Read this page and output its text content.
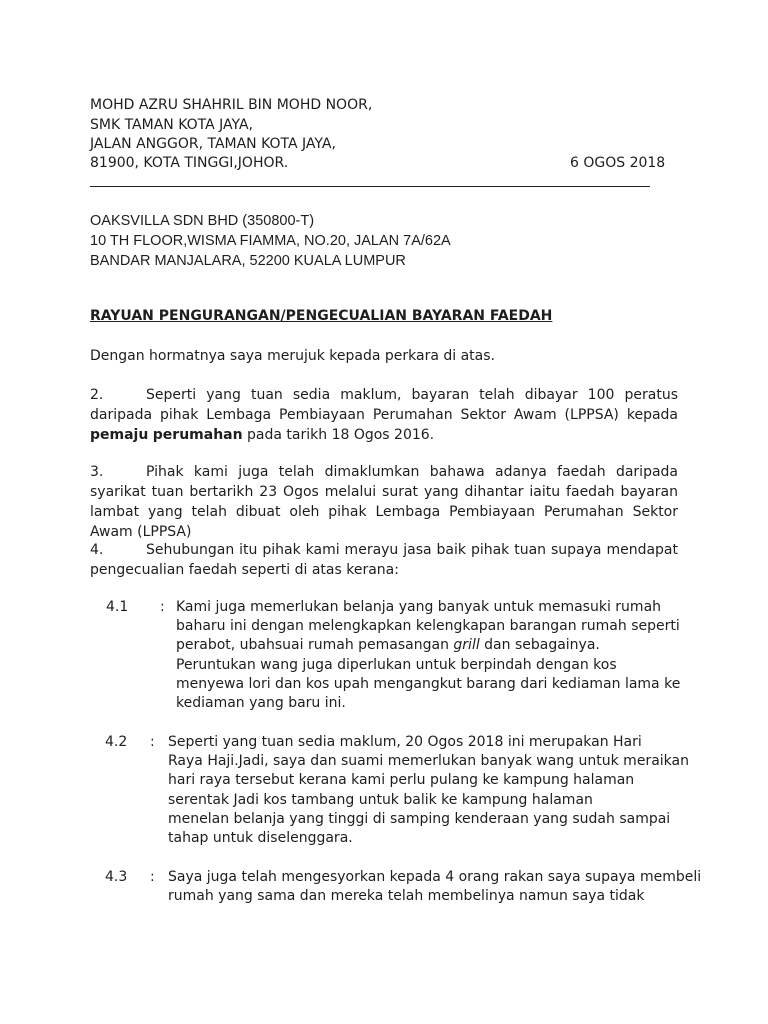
MOHD AZRU SHAHRIL BIN MOHD NOOR,
SMK TAMAN KOTA JAYA,
JALAN ANGGOR, TAMAN KOTA JAYA,
81900, KOTA TINGGI,JOHOR.	6 OGOS 2018
OAKSVILLA SDN BHD (350800-T)
10 TH FLOOR,WISMA FIAMMA, NO.20, JALAN 7A/62A
BANDAR MANJALARA, 52200 KUALA LUMPUR
RAYUAN PENGURANGAN/PENGECUALIAN BAYARAN FAEDAH
Dengan hormatnya saya merujuk kepada perkara di atas.
2.	Seperti yang tuan sedia maklum, bayaran telah dibayar 100 peratus daripada pihak Lembaga Pembiayaan Perumahan Sektor Awam (LPPSA) kepada pemaju perumahan pada tarikh 18 Ogos 2016.
3.	Pihak kami juga telah dimaklumkan bahawa adanya faedah daripada syarikat tuan bertarikh 23 Ogos melalui surat yang dihantar iaitu faedah bayaran lambat yang telah dibuat oleh pihak Lembaga Pembiayaan Perumahan Sektor Awam (LPPSA)
4.	Sehubungan itu pihak kami merayu jasa baik pihak tuan supaya mendapat pengecualian faedah seperti di atas kerana:
4.1 : Kami juga memerlukan belanja yang banyak untuk memasuki rumah
baharu ini dengan melengkapkan kelengkapan barangan rumah seperti
perabot, ubahsuai rumah pemasangan grill dan sebagainya.
Peruntukan wang juga diperlukan untuk berpindah dengan kos
menyewa lori dan kos upah mengangkut barang dari kediaman lama ke
kediaman yang baru ini.
4.2 : Seperti yang tuan sedia maklum, 20 Ogos 2018 ini merupakan Hari
Raya Haji.Jadi, saya dan suami memerlukan banyak wang untuk meraikan
hari raya tersebut kerana kami perlu pulang ke kampung halaman
serentak Jadi kos tambang untuk balik ke kampung halaman
menelan belanja yang tinggi di samping kenderaan yang sudah sampai
tahap untuk diselenggara.
4.3 : Saya juga telah mengesyorkan kepada 4 orang rakan saya supaya membeli
rumah yang sama dan mereka telah membelinya namun saya tidak
